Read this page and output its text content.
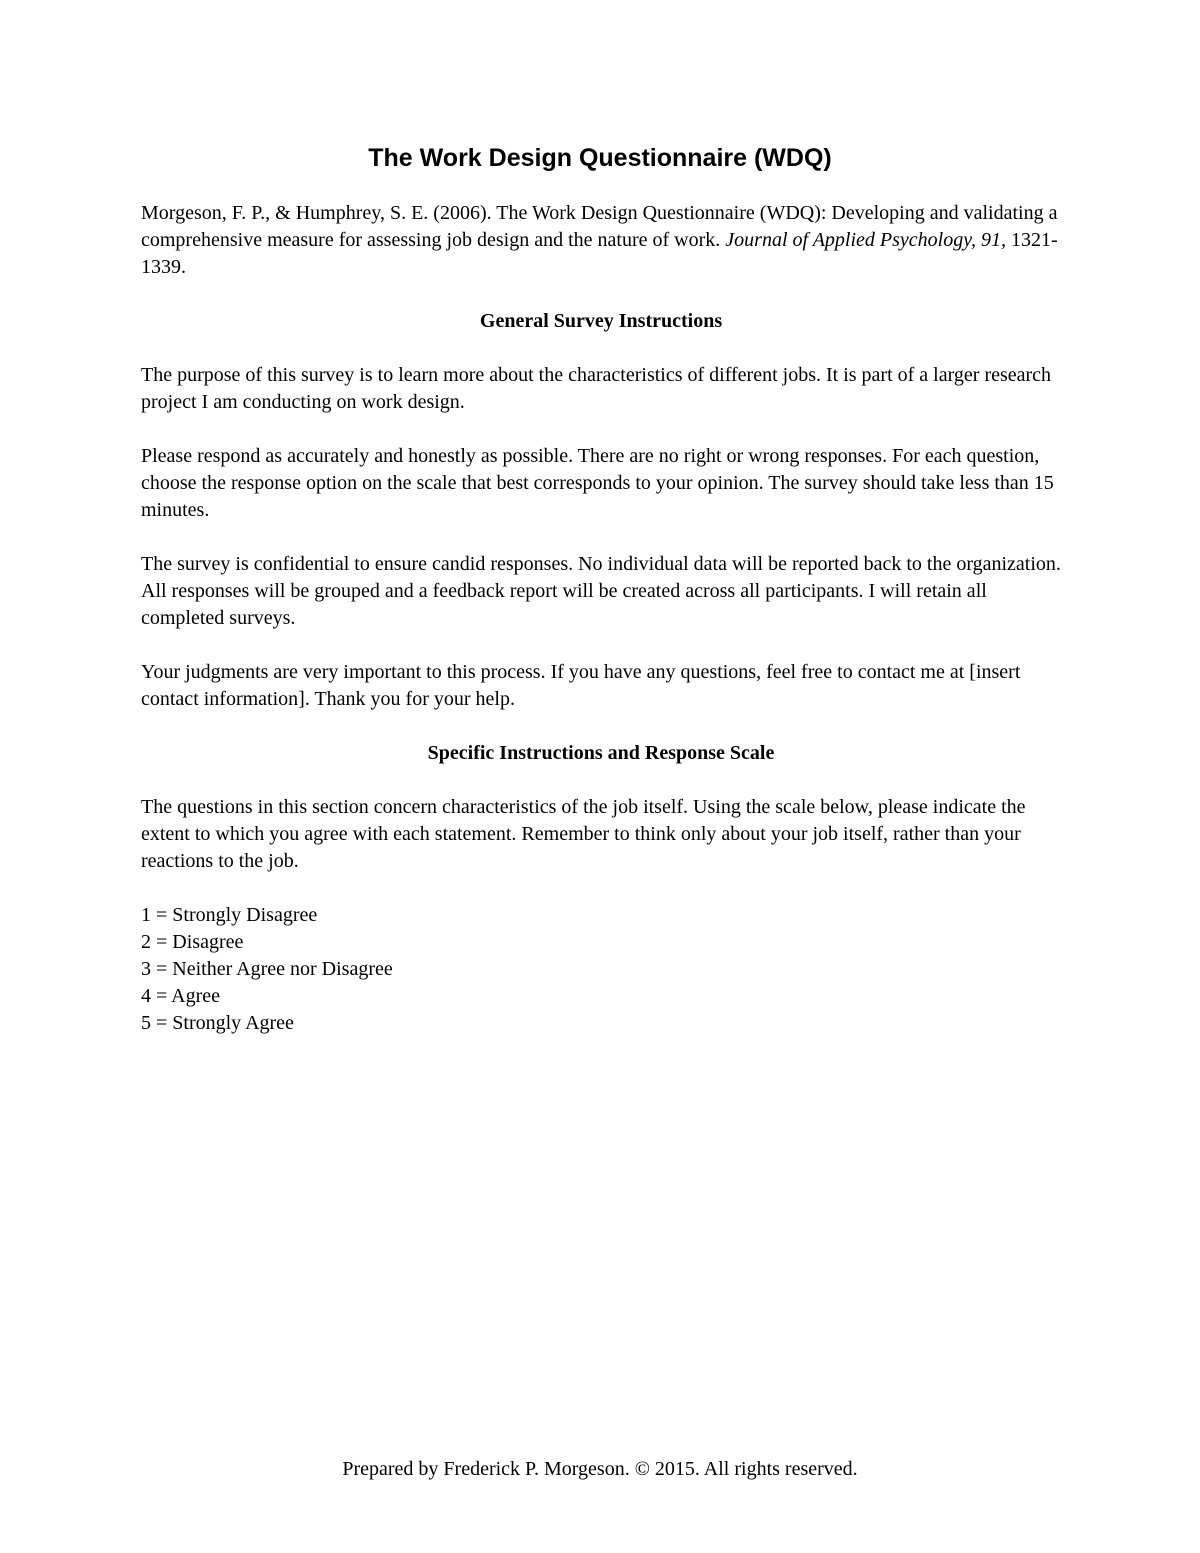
The Work Design Questionnaire (WDQ)

Morgeson, F. P., & Humphrey, S. E. (2006). The Work Design Questionnaire (WDQ): Developing and validating a comprehensive measure for assessing job design and the nature of work. Journal of Applied Psychology, 91, 1321-1339.

General Survey Instructions

The purpose of this survey is to learn more about the characteristics of different jobs. It is part of a larger research project I am conducting on work design.

Please respond as accurately and honestly as possible. There are no right or wrong responses. For each question, choose the response option on the scale that best corresponds to your opinion. The survey should take less than 15 minutes.

The survey is confidential to ensure candid responses. No individual data will be reported back to the organization. All responses will be grouped and a feedback report will be created across all participants. I will retain all completed surveys.

Your judgments are very important to this process. If you have any questions, feel free to contact me at [insert contact information]. Thank you for your help.

Specific Instructions and Response Scale

The questions in this section concern characteristics of the job itself. Using the scale below, please indicate the extent to which you agree with each statement. Remember to think only about your job itself, rather than your reactions to the job.

1 = Strongly Disagree
2 = Disagree
3 = Neither Agree nor Disagree
4 = Agree
5 = Strongly Agree
Prepared by Frederick P. Morgeson. © 2015. All rights reserved.
